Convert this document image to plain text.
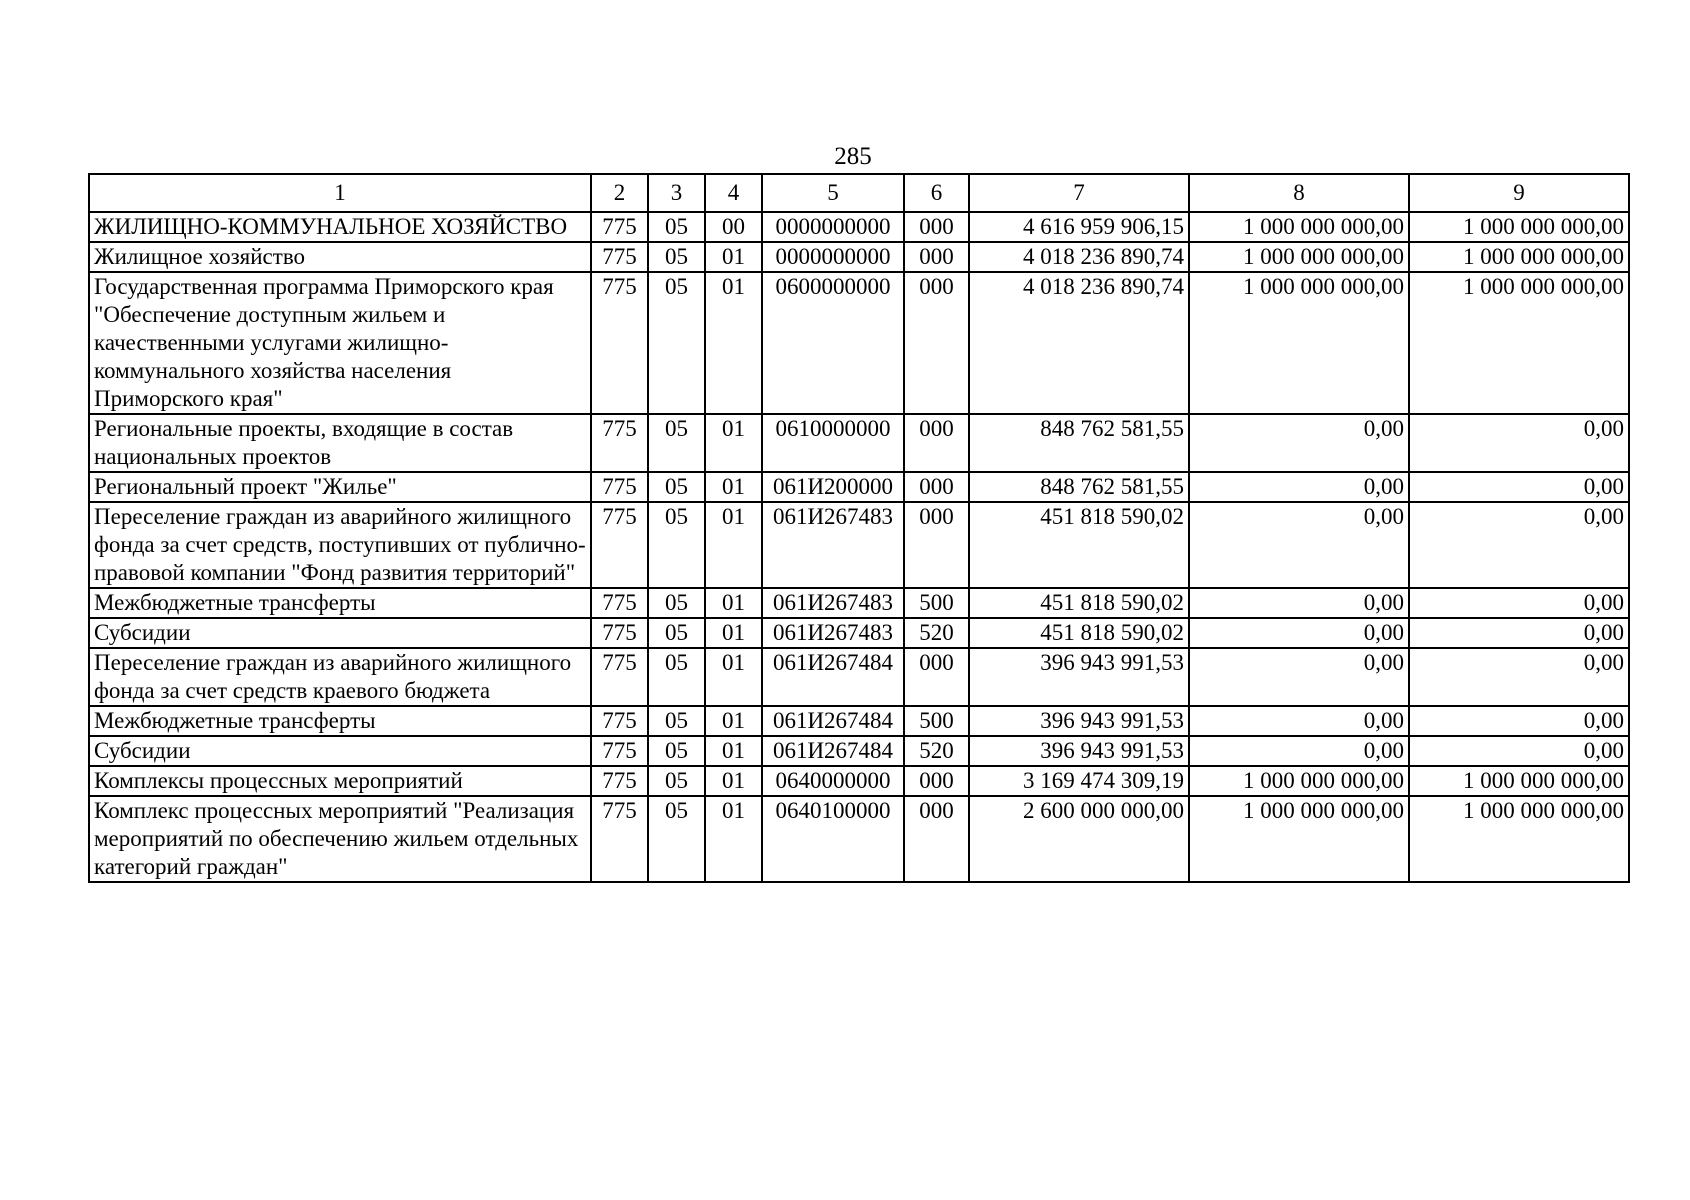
285
1	2	3	4	5	6	7	8	9
ЖИЛИЩНО-КОММУНАЛЬНОЕ ХОЗЯЙСТВО	775	05	00	0000000000	000	4 616 959 906,15	1 000 000 000,00	1 000 000 000,00
Жилищное хозяйство	775	05	01	0000000000	000	4 018 236 890,74	1 000 000 000,00	1 000 000 000,00
Государственная программа Приморского края "Обеспечение доступным жильем и качественными услугами жилищно-коммунального хозяйства населения Приморского края"	775	05	01	0600000000	000	4 018 236 890,74	1 000 000 000,00	1 000 000 000,00
Региональные проекты, входящие в состав национальных проектов	775	05	01	0610000000	000	848 762 581,55	0,00	0,00
Региональный проект "Жилье"	775	05	01	061И200000	000	848 762 581,55	0,00	0,00
Переселение граждан из аварийного жилищного фонда за счет средств, поступивших от публично-правовой компании "Фонд развития территорий"	775	05	01	061И267483	000	451 818 590,02	0,00	0,00
Межбюджетные трансферты	775	05	01	061И267483	500	451 818 590,02	0,00	0,00
Субсидии	775	05	01	061И267483	520	451 818 590,02	0,00	0,00
Переселение граждан из аварийного жилищного фонда за счет средств краевого бюджета	775	05	01	061И267484	000	396 943 991,53	0,00	0,00
Межбюджетные трансферты	775	05	01	061И267484	500	396 943 991,53	0,00	0,00
Субсидии	775	05	01	061И267484	520	396 943 991,53	0,00	0,00
Комплексы процессных мероприятий	775	05	01	0640000000	000	3 169 474 309,19	1 000 000 000,00	1 000 000 000,00
Комплекс процессных мероприятий "Реализация мероприятий по обеспечению жильем отдельных категорий граждан"	775	05	01	0640100000	000	2 600 000 000,00	1 000 000 000,00	1 000 000 000,00
